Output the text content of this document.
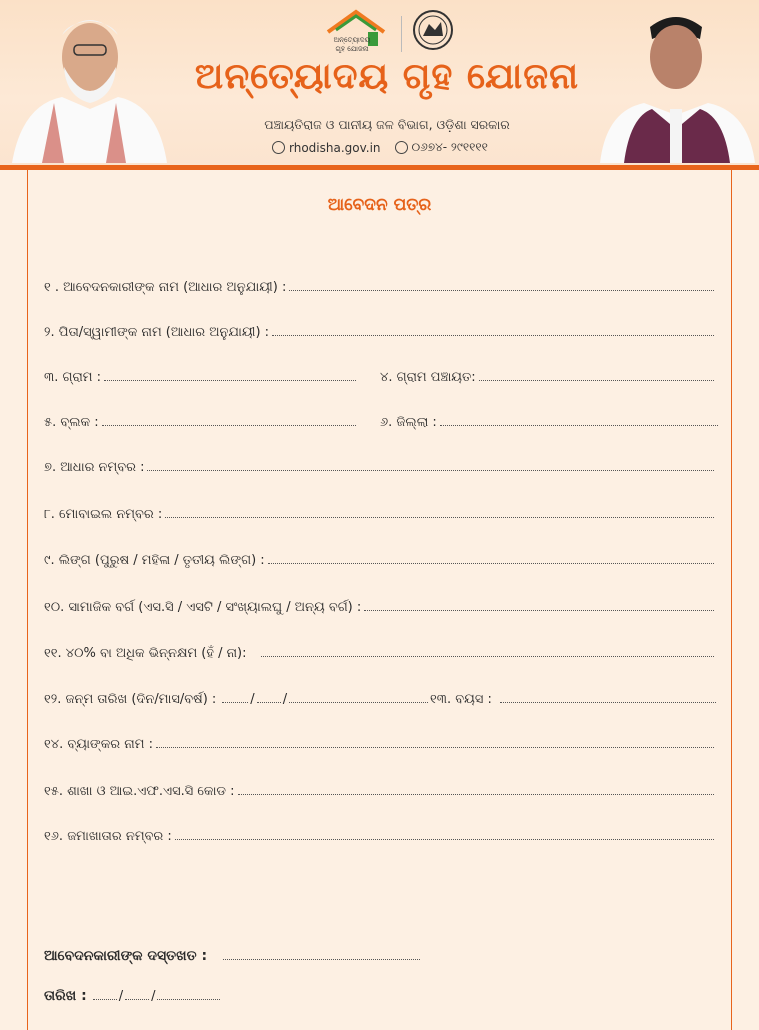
ଅନ୍ତ୍ୟୋଦୟ
ଗୃହ ଯୋଜନା
ଅନ୍ତ୍ୟୋଦୟ ଗୃହ ଯୋଜନା
ପଞ୍ଚାୟତିରାଜ ଓ ପାନୀୟ ଜଳ ବିଭାଗ, ଓଡ଼ିଶା ସରକାର
rhodisha.gov.in	୦୬୭୪- ୨୯୧୧୧୧
ଆବେଦନ ପତ୍ର
୧ . ଆବେଦନକାରୀଙ୍କ ନାମ (ଆଧାର ଅନୁଯାୟୀ) :
୨. ପିତା/ସ୍ୱାମୀଙ୍କ ନାମ (ଆଧାର ଅନୁଯାୟୀ) :
୩. ଗ୍ରାମ :	୪. ଗ୍ରାମ ପଞ୍ଚାୟତ:
୫. ବ୍ଲକ :	୬. ଜିଲ୍ଲା :
୭. ଆଧାର ନମ୍ବର :
୮. ମୋବାଇଲ ନମ୍ବର :
୯. ଲିଙ୍ଗ (ପୁରୁଷ / ମହିଳା / ତୃତୀୟ ଲିଙ୍ଗ) :
୧୦. ସାମାଜିକ ବର୍ଗ (ଏସ.ସି / ଏସଟି / ସଂଖ୍ୟାଲଘୁ / ଅନ୍ୟ ବର୍ଗ) :
୧୧. ୪୦% ବା ଅଧିକ ଭିନ୍ନକ୍ଷମ (ହଁ / ନା):
୧୨. ଜନ୍ମ ତାରିଖ (ଦିନ/ମାସ/ବର୍ଷ) :	/ /	୧୩. ବୟସ :
୧୪. ବ୍ୟାଙ୍କର ନାମ :
୧୫. ଶାଖା ଓ ଆଇ.ଏଫ.ଏସ.ସି କୋଡ :
୧୬. ଜମାଖାତାର ନମ୍ବର :
ଆବେଦନକାରୀଙ୍କ ଦସ୍ତଖତ :
ତାରିଖ : / /
